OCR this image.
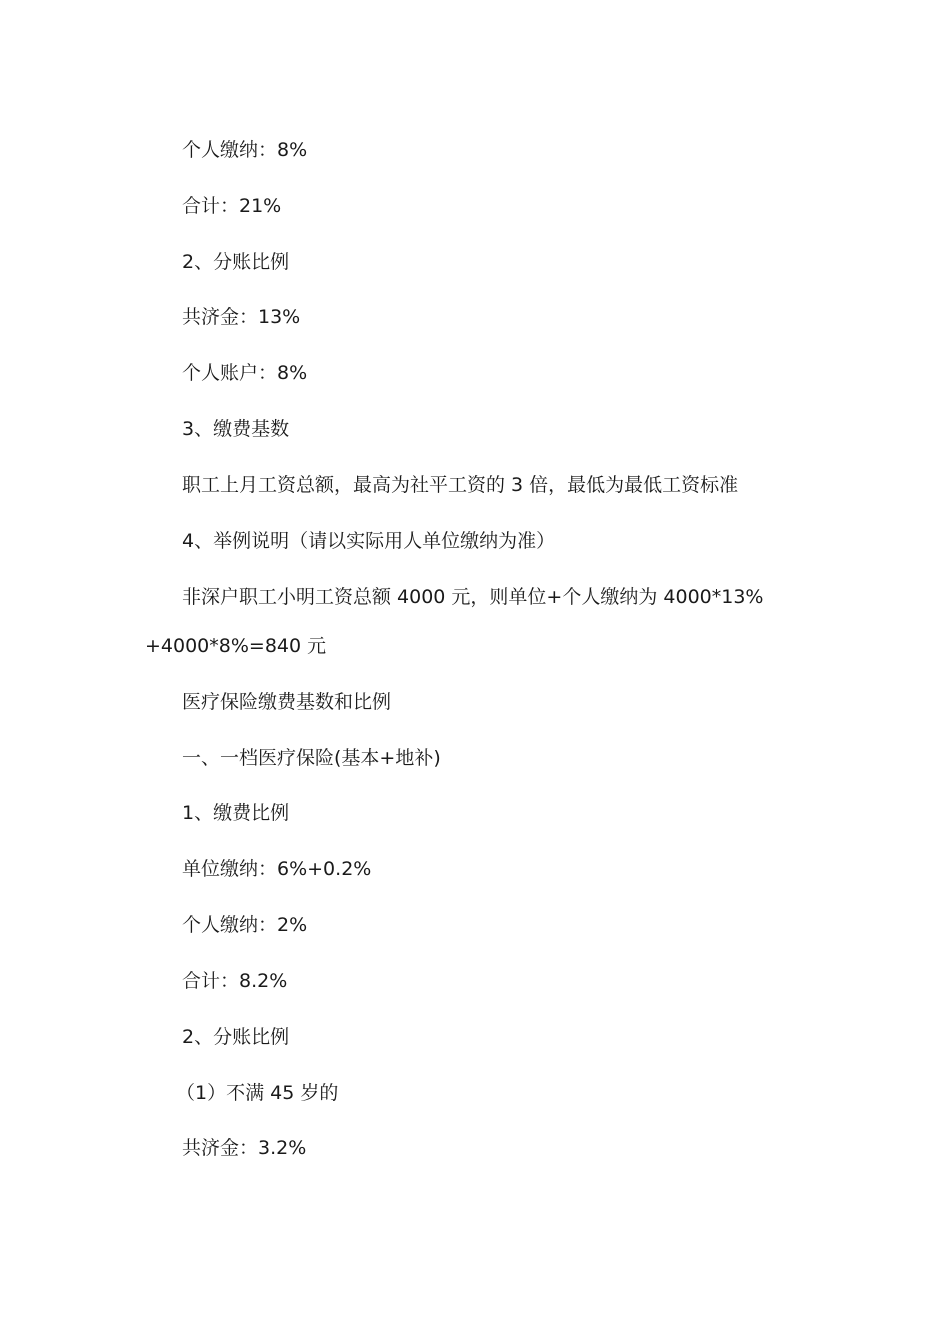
个人缴纳：8%
合计：21%
2、分账比例
共济金：13%
个人账户：8%
3、缴费基数
职工上月工资总额，最高为社平工资的 3 倍，最低为最低工资标准
4、举例说明（请以实际用人单位缴纳为准）
非深户职工小明工资总额 4000 元，则单位+个人缴纳为 4000*13%
+4000*8%=840 元
医疗保险缴费基数和比例
一、一档医疗保险(基本+地补)
1、缴费比例
单位缴纳：6%+0.2%
个人缴纳：2%
合计：8.2%
2、分账比例
（1）不满 45 岁的
共济金：3.2%
